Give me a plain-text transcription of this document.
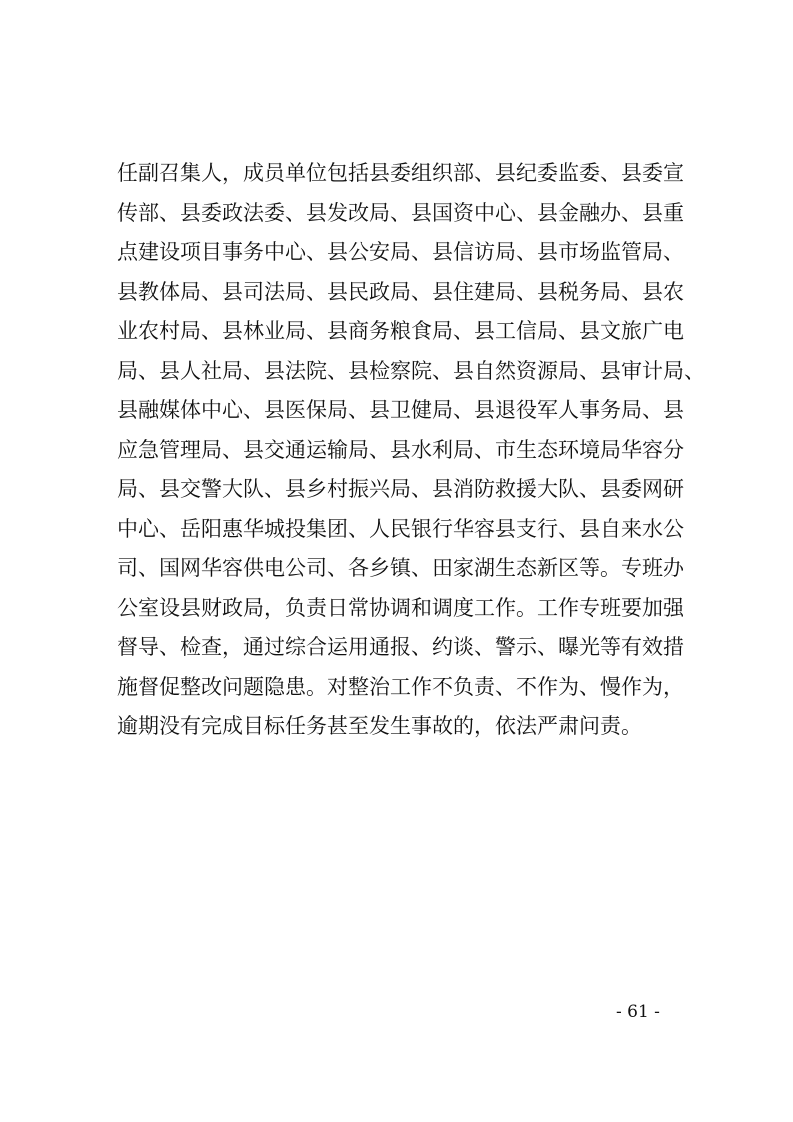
任副召集人，成员单位包括县委组织部、县纪委监委、县委宣
传部、县委政法委、县发改局、县国资中心、县金融办、县重
点建设项目事务中心、县公安局、县信访局、县市场监管局、
县教体局、县司法局、县民政局、县住建局、县税务局、县农
业农村局、县林业局、县商务粮食局、县工信局、县文旅广电
局、县人社局、县法院、县检察院、县自然资源局、县审计局、
县融媒体中心、县医保局、县卫健局、县退役军人事务局、县
应急管理局、县交通运输局、县水利局、市生态环境局华容分
局、县交警大队、县乡村振兴局、县消防救援大队、县委网研
中心、岳阳惠华城投集团、人民银行华容县支行、县自来水公
司、国网华容供电公司、各乡镇、田家湖生态新区等。专班办
公室设县财政局，负责日常协调和调度工作。工作专班要加强
督导、检查，通过综合运用通报、约谈、警示、曝光等有效措
施督促整改问题隐患。对整治工作不负责、不作为、慢作为，
逾期没有完成目标任务甚至发生事故的，依法严肃问责。
- 61 -
